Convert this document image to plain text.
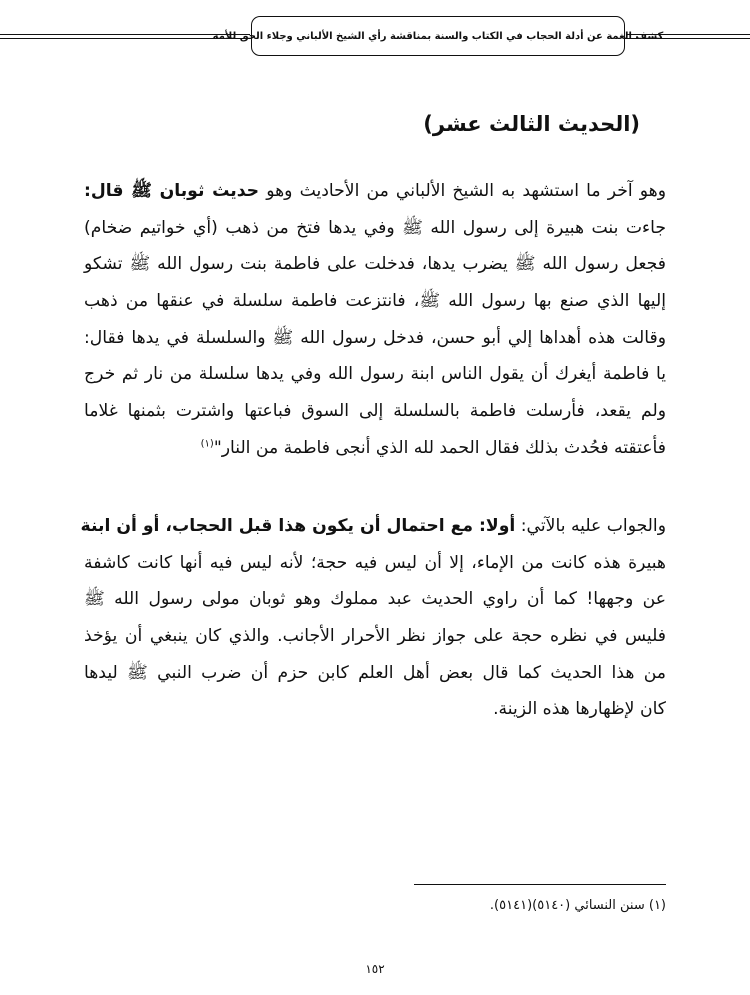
كشف الغمة عن أدلة الحجاب في الكتاب والسنة بمناقشة رأي الشيخ الألباني وجلاء الحق للأمة
(الحديث الثالث عشر)
وهو آخر ما استشهد به الشيخ الألباني من الأحاديث وهو حديث ثوبان ﷺ قال:
جاءت بنت هبيرة إلى رسول الله ﷺ وفي يدها فتخ من ذهب (أي خواتيم ضخام)
فجعل رسول الله ﷺ يضرب يدها، فدخلت على فاطمة بنت رسول الله ﷺ تشكو
إليها الذي صنع بها رسول الله ﷺ، فانتزعت فاطمة سلسلة في عنقها من ذهب
وقالت هذه أهداها إلي أبو حسن، فدخل رسول الله ﷺ والسلسلة في يدها فقال:
يا فاطمة أيغرك أن يقول الناس ابنة رسول الله وفي يدها سلسلة من نار ثم خرج
ولم يقعد، فأرسلت فاطمة بالسلسلة إلى السوق فباعتها واشترت بثمنها غلاما
فأعتقته فحُدث بذلك فقال الحمد لله الذي أنجى فاطمة من النار"$^{(١)}$
والجواب عليه بالآتي: أولا: مع احتمال أن يكون هذا قبل الحجاب، أو أن ابنة
هبيرة هذه كانت من الإماء، إلا أن ليس فيه حجة؛ لأنه ليس فيه أنها كانت كاشفة
عن وجهها! كما أن راوي الحديث عبد مملوك وهو ثوبان مولى رسول الله ﷺ
فليس في نظره حجة على جواز نظر الأحرار الأجانب. والذي كان ينبغي أن يؤخذ
من هذا الحديث كما قال بعض أهل العلم كابن حزم أن ضرب النبي ﷺ ليدها
كان لإظهارها هذه الزينة.
(١) سنن النسائي (٥١٤٠)(٥١٤١).
١٥٢
